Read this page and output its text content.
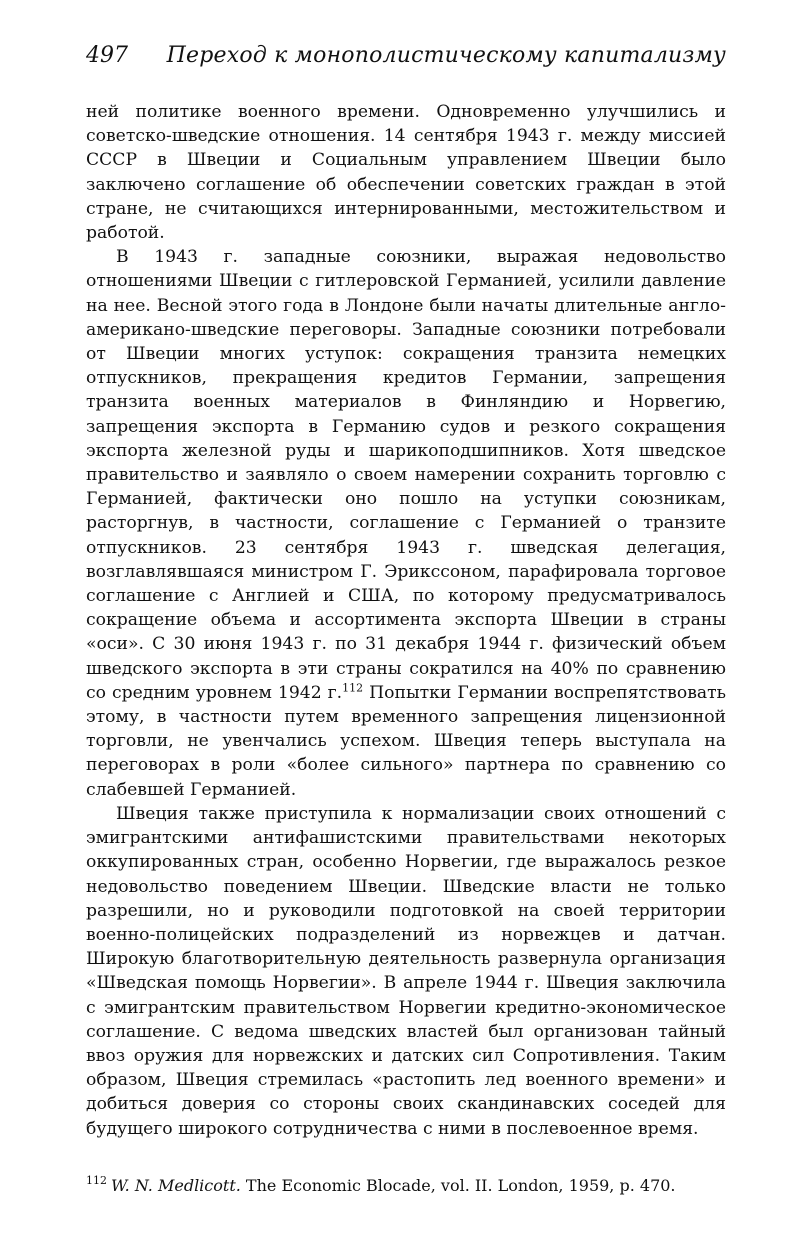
497 Переход к монополистическому капитализму

ней политике военного времени. Одновременно улучшились и советско-шведские отношения. 14 сентября 1943 г. между миссией СССР в Швеции и Социальным управлением Швеции было заключено соглашение об обеспечении советских граждан в этой стране, не считающихся интернированными, местожительством и работой.

В 1943 г. западные союзники, выражая недовольство отношениями Швеции с гитлеровской Германией, усилили давление на нее. Весной этого года в Лондоне были начаты длительные англо-американо-шведские переговоры. Западные союзники потребовали от Швеции многих уступок: сокращения транзита немецких отпускников, прекращения кредитов Германии, запрещения транзита военных материалов в Финляндию и Норвегию, запрещения экспорта в Германию судов и резкого сокращения экспорта железной руды и шарикоподшипников. Хотя шведское правительство и заявляло о своем намерении сохранить торговлю с Германией, фактически оно пошло на уступки союзникам, расторгнув, в частности, соглашение с Германией о транзите отпускников. 23 сентября 1943 г. шведская делегация, возглавлявшаяся министром Г. Эрикссоном, парафировала торговое соглашение с Англией и США, по которому предусматривалось сокращение объема и ассортимента экспорта Швеции в страны «оси». С 30 июня 1943 г. по 31 декабря 1944 г. физический объем шведского экспорта в эти страны сократился на 40% по сравнению со средним уровнем 1942 г.$^{112}$ Попытки Германии воспрепятствовать этому, в частности путем временного запрещения лицензионной торговли, не увенчались успехом. Швеция теперь выступала на переговорах в роли «более сильного» партнера по сравнению со слабевшей Германией.

Швеция также приступила к нормализации своих отношений с эмигрантскими антифашистскими правительствами некоторых оккупированных стран, особенно Норвегии, где выражалось резкое недовольство поведением Швеции. Шведские власти не только разрешили, но и руководили подготовкой на своей территории военно-полицейских подразделений из норвежцев и датчан. Широкую благотворительную деятельность развернула организация «Шведская помощь Норвегии». В апреле 1944 г. Швеция заключила с эмигрантским правительством Норвегии кредитно-экономическое соглашение. С ведома шведских властей был организован тайный ввоз оружия для норвежских и датских сил Сопротивления. Таким образом, Швеция стремилась «растопить лед военного времени» и добиться доверия со стороны своих скандинавских соседей для будущего широкого сотрудничества с ними в послевоенное время.

$^{112}$ W. N. Medlicott. The Economic Blocade, vol. II. London, 1959, p. 470.
